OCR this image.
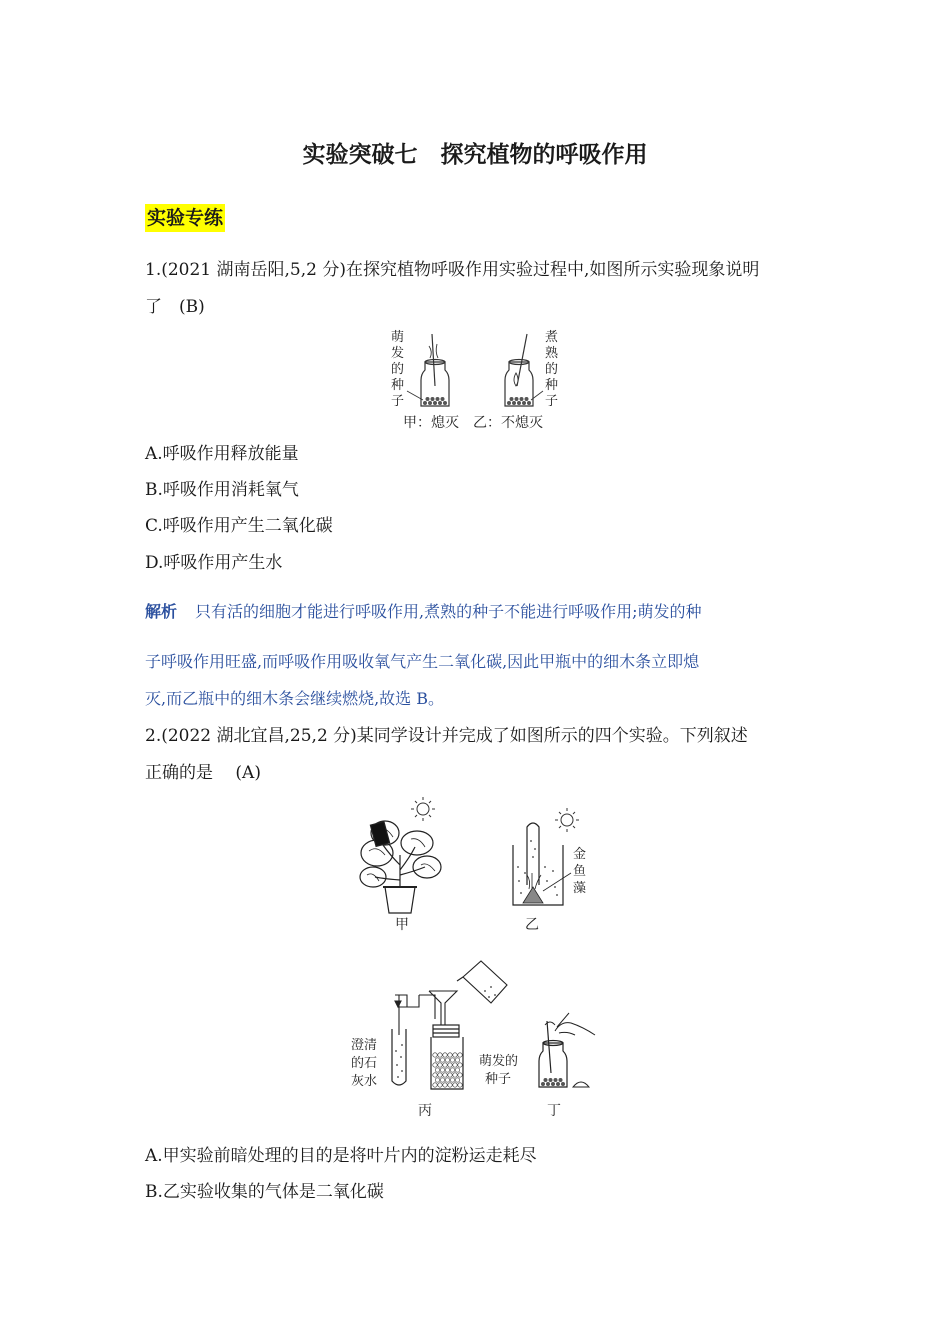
实验突破七　探究植物的呼吸作用
实验专练
1.(2021 湖南岳阳,5,2 分)在探究植物呼吸作用实验过程中,如图所示实验现象说明
了　(B)
萌
发
的
种
子
煮
熟
的
种
子
甲：熄灭　乙：不熄灭
A.呼吸作用释放能量
B.呼吸作用消耗氧气
C.呼吸作用产生二氧化碳
D.呼吸作用产生水
解析 只有活的细胞才能进行呼吸作用,煮熟的种子不能进行呼吸作用;萌发的种
子呼吸作用旺盛,而呼吸作用吸收氧气产生二氧化碳,因此甲瓶中的细木条立即熄
灭,而乙瓶中的细木条会继续燃烧,故选 B。
2.(2022 湖北宜昌,25,2 分)某同学设计并完成了如图所示的四个实验。下列叙述
正确的是　 (A)
甲
金
鱼
藻
乙
澄清
的石
灰水
萌发的
种子
丙	丁
A.甲实验前暗处理的目的是将叶片内的淀粉运走耗尽
B.乙实验收集的气体是二氧化碳
